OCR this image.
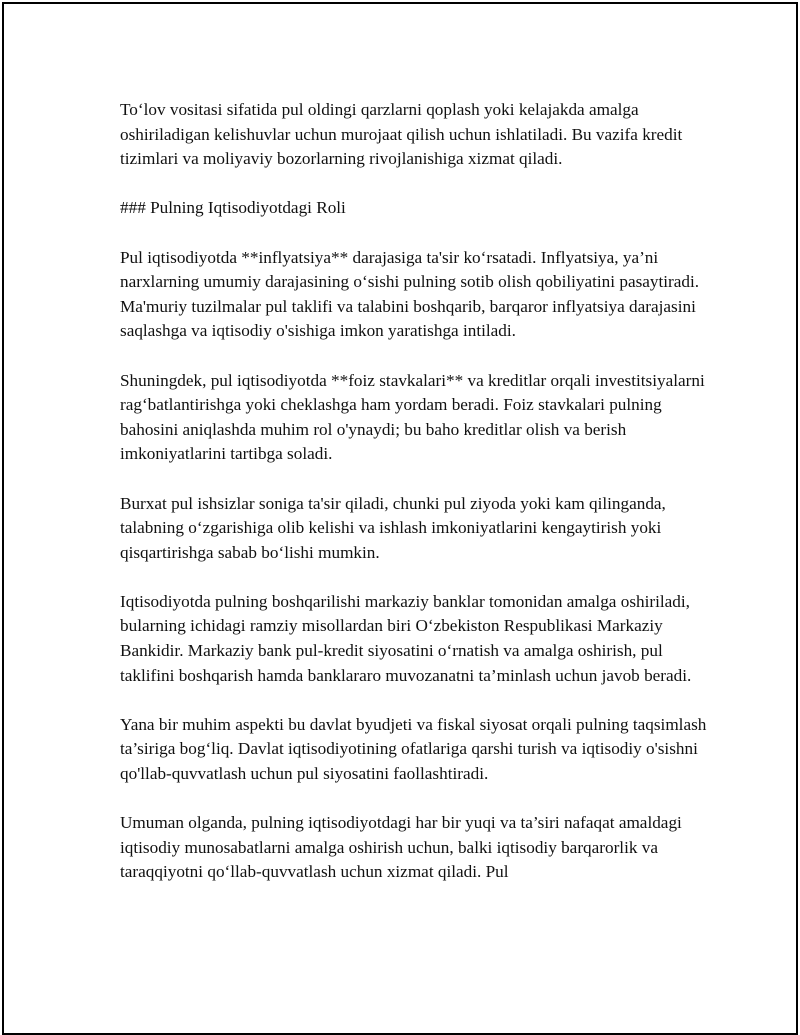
To‘lov vositasi sifatida pul oldingi qarzlarni qoplash yoki kelajakda amalga oshiriladigan kelishuvlar uchun murojaat qilish uchun ishlatiladi. Bu vazifa kredit tizimlari va moliyaviy bozorlarning rivojlanishiga xizmat qiladi.

### Pulning Iqtisodiyotdagi Roli

Pul iqtisodiyotda **inflyatsiya** darajasiga ta'sir ko‘rsatadi. Inflyatsiya, ya’ni narxlarning umumiy darajasining o‘sishi pulning sotib olish qobiliyatini pasaytiradi. Ma'muriy tuzilmalar pul taklifi va talabini boshqarib, barqaror inflyatsiya darajasini saqlashga va iqtisodiy o'sishiga imkon yaratishga intiladi.

Shuningdek, pul iqtisodiyotda **foiz stavkalari** va kreditlar orqali investitsiyalarni rag‘batlantirishga yoki cheklashga ham yordam beradi. Foiz stavkalari pulning bahosini aniqlashda muhim rol o'ynaydi; bu baho kreditlar olish va berish imkoniyatlarini tartibga soladi.

Burxat pul ishsizlar soniga ta'sir qiladi, chunki pul ziyoda yoki kam qilinganda, talabning o‘zgarishiga olib kelishi va ishlash imkoniyatlarini kengaytirish yoki qisqartirishga sabab bo‘lishi mumkin.

Iqtisodiyotda pulning boshqarilishi markaziy banklar tomonidan amalga oshiriladi, bularning ichidagi ramziy misollardan biri O‘zbekiston Respublikasi Markaziy Bankidir. Markaziy bank pul-kredit siyosatini o‘rnatish va amalga oshirish, pul taklifini boshqarish hamda banklararo muvozanatni ta’minlash uchun javob beradi.

Yana bir muhim aspekti bu davlat byudjeti va fiskal siyosat orqali pulning taqsimlash ta’siriga bog‘liq. Davlat iqtisodiyotining ofatlariga qarshi turish va iqtisodiy o'sishni qo'llab-quvvatlash uchun pul siyosatini faollashtiradi.

Umuman olganda, pulning iqtisodiyotdagi har bir yuqi va ta’siri nafaqat amaldagi iqtisodiy munosabatlarni amalga oshirish uchun, balki iqtisodiy barqarorlik va taraqqiyotni qo‘llab-quvvatlash uchun xizmat qiladi. Pul
